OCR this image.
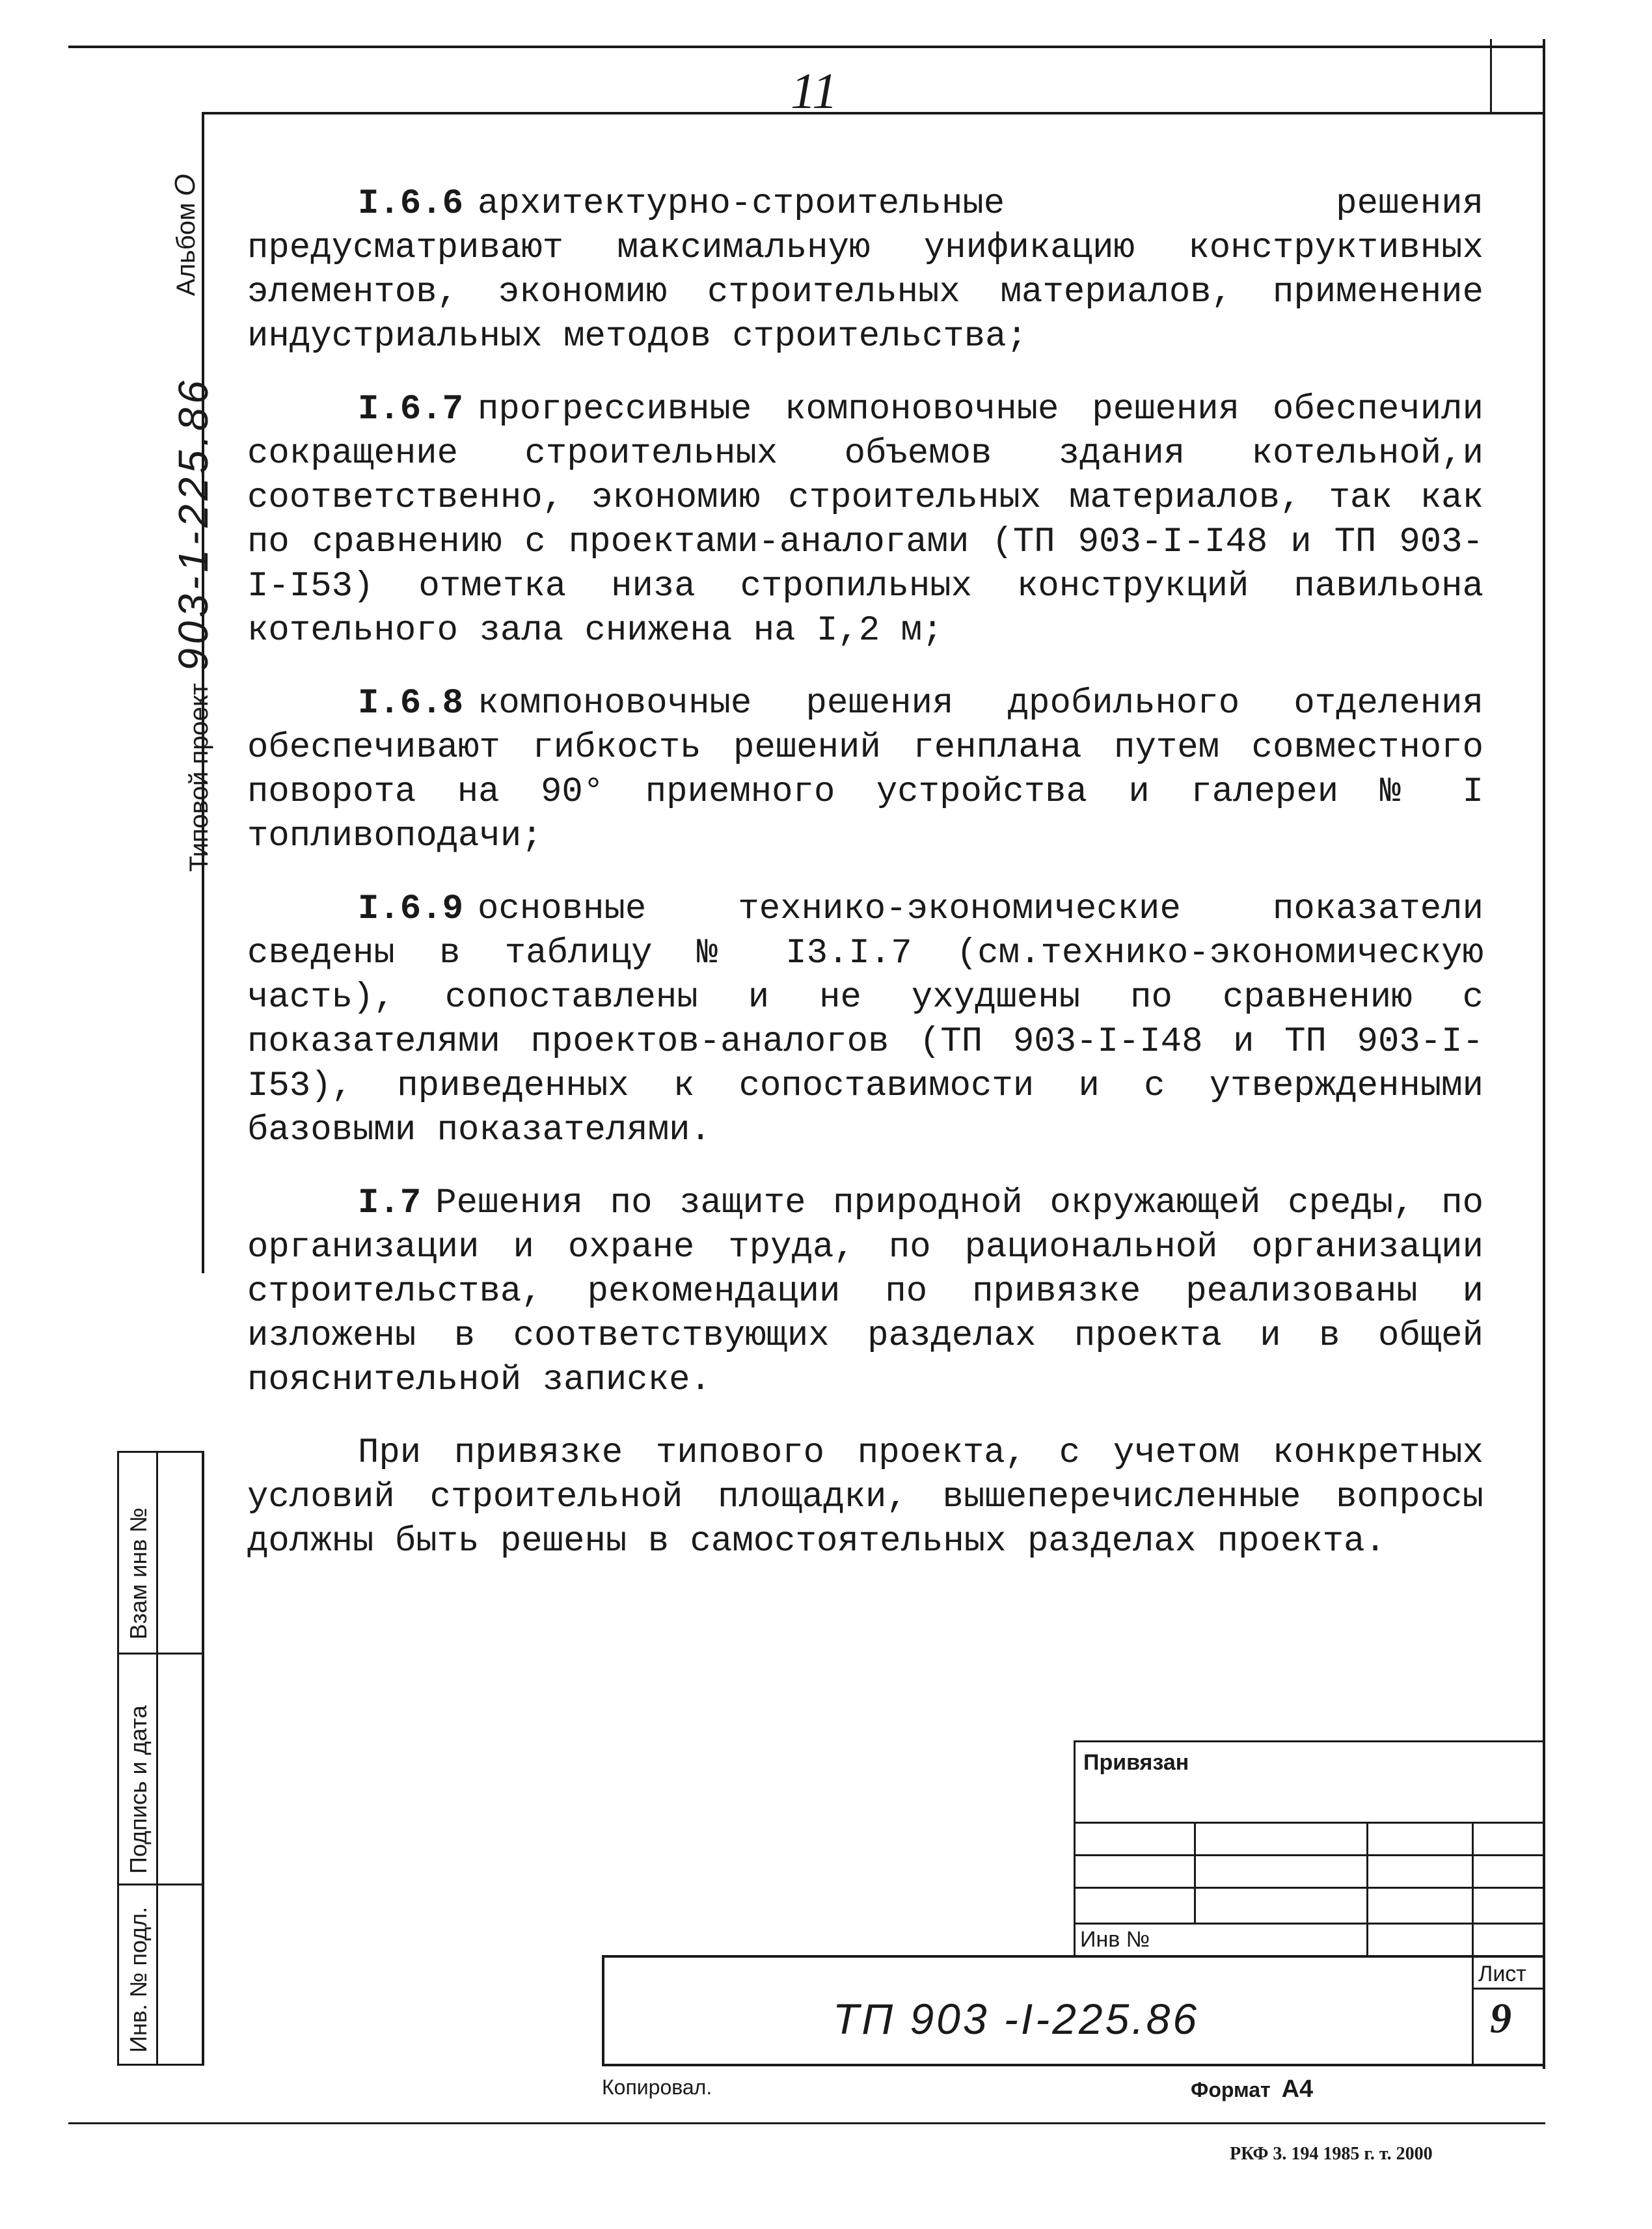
11
АльбомO
Типовой проект903-1-225.86

I.6.6 архитектурно-строительные решения предусматривают максимальную унификацию конструктивных элементов, экономию строительных материалов, применение индустриальных методов строительства;

I.6.7 прогрессивные компоновочные решения обеспечили сокращение строительных объемов здания котельной,и соответственно, экономию строительных материалов, так как по сравнению с проектами-аналогами (ТП 903-I-I48 и ТП 903-I-I53) отметка низа стропильных конструкций павильона котельного зала снижена на I,2 м;

I.6.8 компоновочные решения дробильного отделения обеспечивают гибкость решений генплана путем совместного поворота на 90° приемного устройства и галереи № I топливоподачи;

I.6.9 основные технико-экономические показатели сведены в таблицу № I3.I.7 (см.технико-экономическую часть), сопоставлены и не ухудшены по сравнению с показателями проектов-аналогов (ТП 903-I-I48 и ТП 903-I-I53), приведенных к сопоставимости и с утвержденными базовыми показателями.

I.7 Решения по защите природной окружающей среды, по организации и охране труда, по рациональной организации строительства, рекомендации по привязке реализованы и изложены в соответствующих разделах проекта и в общей пояснительной записке.

При привязке типового проекта, с учетом конкретных условий строительной площадки, вышеперечисленные вопросы должны быть решены в самостоятельных разделах проекта.

Взам инв №
Подпись и дата
Инв. № подл.
Привязан
Инв №
ТП 903 -I-225.86
Лист
9
Копировал.	Формат А4
РКФ 3. 194 1985 г. т. 2000
